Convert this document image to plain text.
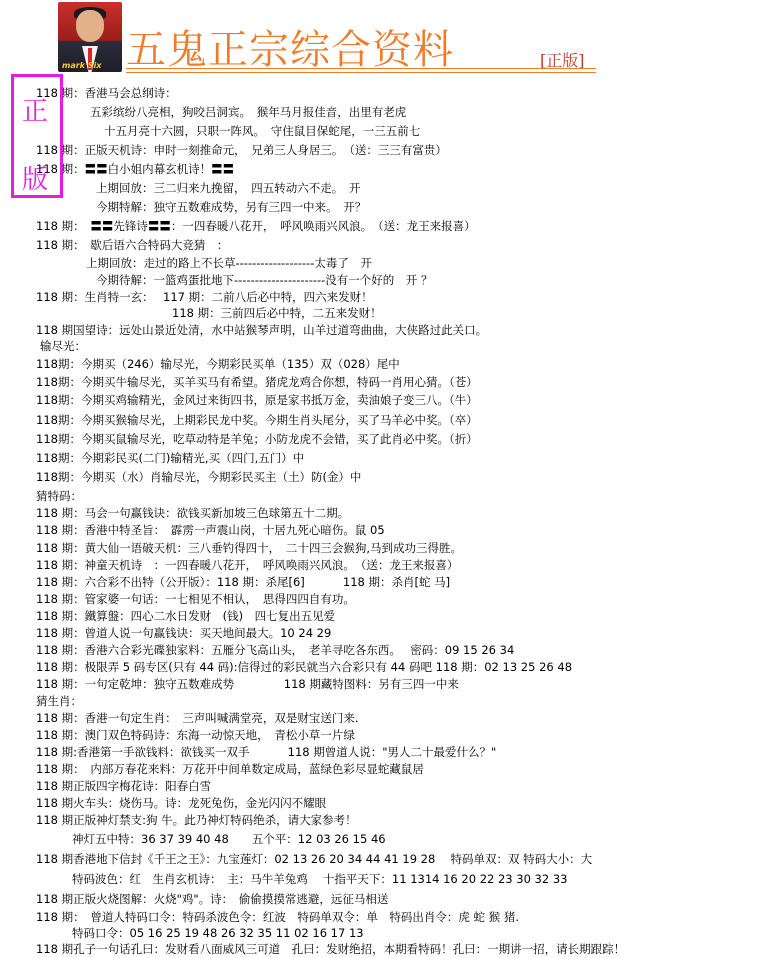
mark Six 五鬼正宗综合资料	[正版]
正
版
118 期：香港马会总纲诗：
五彩缤纷八亮相，狗咬吕洞宾。　猴年马月报佳音，出里有老虎
十五月亮十六圆，只职一阵风。　守住鼠目保蛇尾，一三五前七
118 期：正版天机诗：申时一刻推命元，　兄弟三人身居三。　（送：三三有富贵）
118 期：〓〓白小姐内幕玄机诗！〓〓
上期回放：三二归来九挽留，　四五转动六不走。　开
今期特解：独守五数难成势，另有三四一中来。　开？
118 期：　〓〓先锋诗〓〓：一四春暖八花开，　呼风唤雨兴风浪。　（送：龙王来报喜）
118 期：　歇后语六合特码大竞猜　：
上期回放：走过的路上不长草-------------------太毒了　开
今期待解：一篮鸡蛋批地下----------------------没有一个好的　开 ？
118 期：生肖特一玄：　 117 期：二前八后必中特，四六来发财！
118 期：三前四后必中特，二五来发财！
118 期国望诗：远处山景近处清，水中站猴琴声明，山羊过道弯曲曲，大侠路过此关口。
输尽光：
118期：今期买（246）输尽光，今期彩民买单（135）双（028）尾中
118期：今期买牛输尽光，买羊买马有希望。猪虎龙鸡合你想，特码一肖用心猜。（苍）
118期：今期买鸡输精光，金风过来街四书，原是家书抵万金，卖油娘子变三八。（牛）
118期：今期买猴输尽光，上期彩民龙中奖。今期生肖头尾分，买了马羊必中奖。（卒）
118期：今期买鼠输尽光，吃草动特是羊兔；小防龙虎不会错，买了此肖必中奖。（折）
118期：今期彩民买(二门)输精光,买（四门,五门）中
118期：今期买（水）肖输尽光，今期彩民买主（土）防(金）中
猜特码：
118 期：马会一句赢钱诀：欲钱买新加坡三色球第五十二期。
118 期：香港中特圣旨：　霹雳一声震山岗，十居九死心暗伤。鼠 05
118 期：黄大仙一语破天机：三八垂钓得四十，　二十四三会猴狗,马到成功三得胜。
118 期：神童天机诗　：一四春暖八花开，　呼风唤雨兴风浪。　（送：龙王来报喜）
118 期：六合彩不出特（公开版）：118 期：杀尾[6]　　　 118 期：杀肖[蛇 马]
118 期：管家婆一句话：一七相见不相认，　思得四四自有功。
118 期：鐵算盤：四心二水日发财　(钱)　四七复出五见爱
118 期：曾道人说一句赢钱诀：买天地间最大。10 24 29
118 期：香港六合彩光碟独家料：五雁分飞高山头，　老羊寻吃各东西。　 密码：09 15 26 34
118 期：极限弄 5 码专区(只有 44 码):信得过的彩民就当六合彩只有 44 码吧 118 期：02 13 25 26 48
118 期：一句定乾坤：独守五数难成势　　　　 118 期藏特图料：另有三四一中来
猜生肖：
118 期：香港一句定生肖：　三声叫喊满堂亮，双是财宝送门来.
118 期：澳门双色特码诗：东海一动惊天地，　青松小草一片绿
118 期:香港第一手欲钱料：欲钱买一双手　　　 118 期曾道人说："男人二十最爱什么？"
118 期：　内部万春花来料：万花开中间单数定成局，蓝绿色彩尽显蛇藏鼠居
118 期正版四字梅花诗：阳春白雪
118 期火车头：烧伤马。诗：龙死兔伤，金光闪闪不耀眼
118 期正版神灯禁支:狗 牛。此乃神灯特码绝杀，请大家参考！
神灯五中特：36 37 39 40 48　　五个平：12 03 26 15 46
118 期香港地下信封《千王之王》：九宝莲灯：02 13 26 20 34 44 41 19 28　 特码单双：双 特码大小：大
特码波色：红　生肖玄机诗：　主：马牛羊兔鸡　 十指平天下：11 1314 16 20 22 23 30 32 33
118 期正版火烧图解：火烧"鸡"。诗：　偷偷摸摸常逃避，远征马相送
118 期：　曾道人特码口令：特码杀波色令：红波　特码单双令：单　特码出肖令：虎 蛇 猴 猪.
特码口令：05 16 25 19 48 26 32 35 11 02 16 17 13
118 期孔子一句话孔曰：发财看八面威风三可道　孔曰：发财绝招，本期看特码！孔曰：一期讲一招，请长期跟踪！
